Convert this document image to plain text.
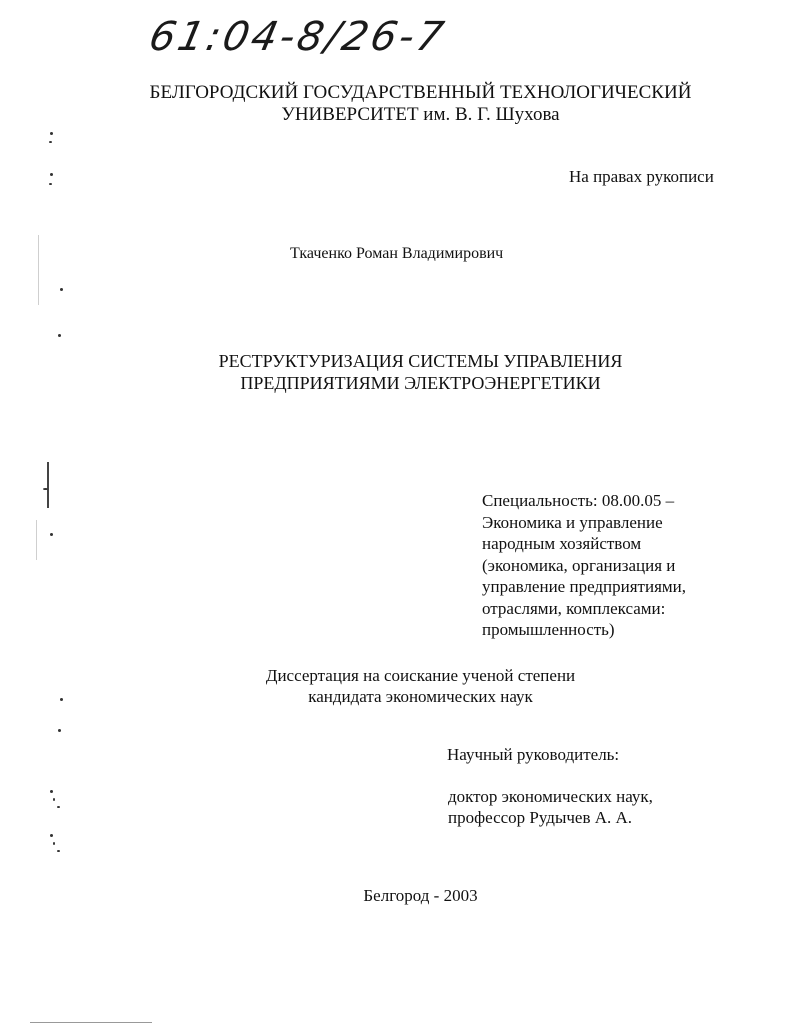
61:04-8/26-7
БЕЛГОРОДСКИЙ ГОСУДАРСТВЕННЫЙ ТЕХНОЛОГИЧЕСКИЙ
УНИВЕРСИТЕТ им. В. Г. Шухова
На правах рукописи
Ткаченко Роман Владимирович
РЕСТРУКТУРИЗАЦИЯ СИСТЕМЫ УПРАВЛЕНИЯ
ПРЕДПРИЯТИЯМИ ЭЛЕКТРОЭНЕРГЕТИКИ
Специальность: 08.00.05 –
Экономика и управление
народным хозяйством
(экономика, организация и
управление предприятиями,
отраслями, комплексами:
промышленность)
Диссертация на соискание ученой степени
кандидата экономических наук
Научный руководитель:
доктор экономических наук,
профессор Рудычев А. А.
Белгород - 2003
